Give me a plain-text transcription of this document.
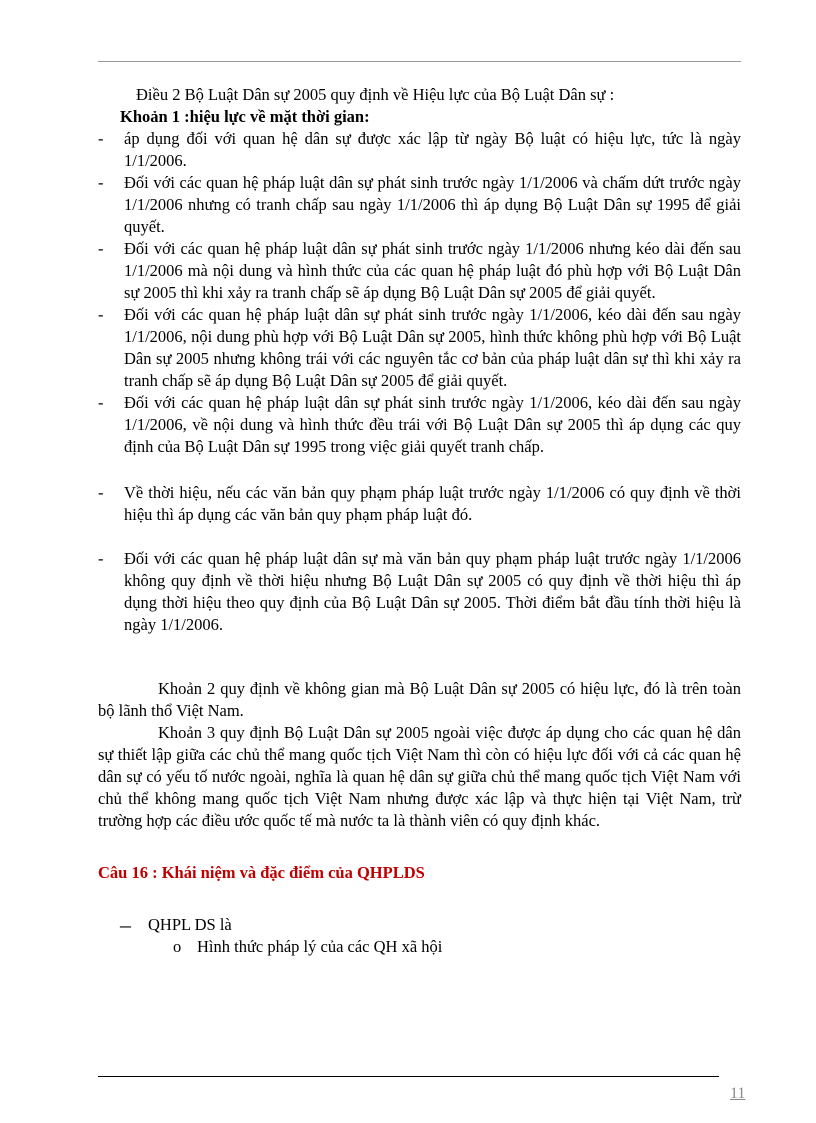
Điều 2 Bộ Luật Dân sự 2005 quy định về Hiệu lực của Bộ Luật Dân sự :

Khoản 1 :hiệu lực về mặt thời gian:

-	áp dụng đối với quan hệ dân sự được xác lập từ ngày Bộ luật có hiệu lực, tức là ngày 1/1/2006.
-	Đối với các quan hệ pháp luật dân sự phát sinh trước ngày 1/1/2006 và chấm dứt trước ngày 1/1/2006 nhưng có tranh chấp sau ngày 1/1/2006 thì áp dụng Bộ Luật Dân sự 1995 để giải quyết.
-	Đối với các quan hệ pháp luật dân sự phát sinh trước ngày 1/1/2006 nhưng kéo dài đến sau 1/1/2006 mà nội dung và hình thức của các quan hệ pháp luật đó phù hợp với Bộ Luật Dân sự 2005 thì khi xảy ra tranh chấp sẽ áp dụng Bộ Luật Dân sự 2005 để giải quyết.
-	Đối với các quan hệ pháp luật dân sự phát sinh trước ngày 1/1/2006, kéo dài đến sau ngày 1/1/2006, nội dung phù hợp với Bộ Luật Dân sự 2005, hình thức không phù hợp với Bộ Luật Dân sự 2005 nhưng không trái với các nguyên tắc cơ bản của pháp luật dân sự thì khi xảy ra tranh chấp sẽ áp dụng Bộ Luật Dân sự 2005 để giải quyết.
-	Đối với các quan hệ pháp luật dân sự phát sinh trước ngày 1/1/2006, kéo dài đến sau ngày 1/1/2006, về nội dung và hình thức đều trái với Bộ Luật Dân sự 2005 thì áp dụng các quy định của Bộ Luật Dân sự 1995 trong việc giải quyết tranh chấp.
-	Về thời hiệu, nếu các văn bản quy phạm pháp luật trước ngày 1/1/2006 có quy định về thời hiệu thì áp dụng các văn bản quy phạm pháp luật đó.
-	Đối với các quan hệ pháp luật dân sự mà văn bản quy phạm pháp luật trước ngày 1/1/2006 không quy định về thời hiệu nhưng Bộ Luật Dân sự 2005 có quy định về thời hiệu thì áp dụng thời hiệu theo quy định của Bộ Luật Dân sự 2005. Thời điểm bắt đầu tính thời hiệu là ngày 1/1/2006.

Khoản 2 quy định về không gian mà Bộ Luật Dân sự 2005 có hiệu lực, đó là trên toàn bộ lãnh thổ Việt Nam.

Khoản 3 quy định Bộ Luật Dân sự 2005 ngoài việc được áp dụng cho các quan hệ dân sự thiết lập giữa các chủ thể mang quốc tịch Việt Nam thì còn có hiệu lực đối với cả các quan hệ dân sự có yếu tố nước ngoài, nghĩa là quan hệ dân sự giữa chủ thể mang quốc tịch Việt Nam với chủ thể không mang quốc tịch Việt Nam nhưng được xác lập và thực hiện tại Việt Nam, trừ trường hợp các điều ước quốc tế mà nước ta là thành viên có quy định khác.

Câu 16 : Khái niệm và đặc điểm của QHPLDS

–	QHPL DS là
o Hình thức pháp lý của các QH xã hội
11
